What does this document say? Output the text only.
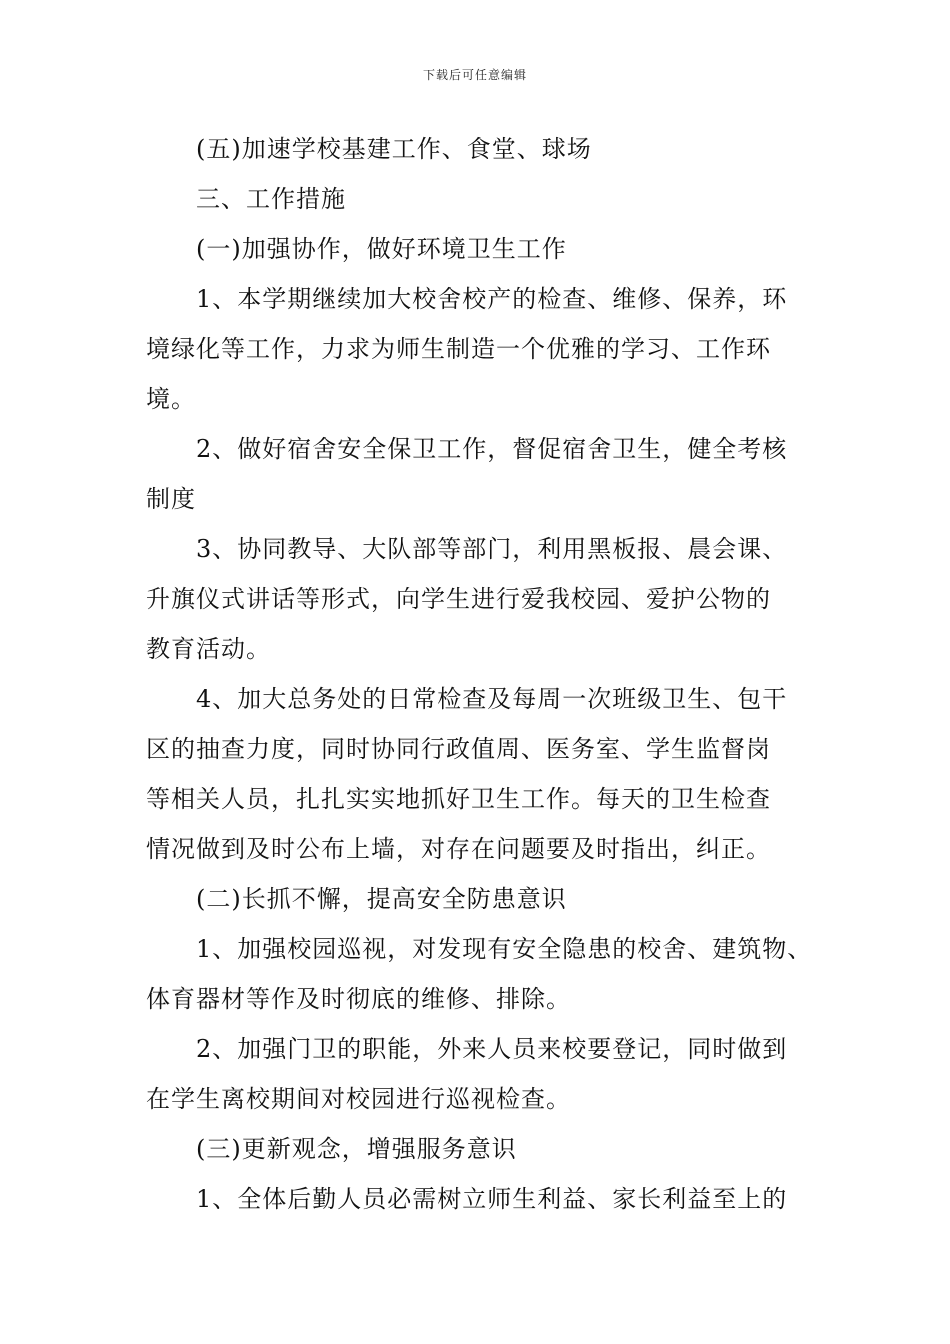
下载后可任意编辑
(五)加速学校基建工作、食堂、球场
三、工作措施
(一)加强协作，做好环境卫生工作
1、本学期继续加大校舍校产的检查、维修、保养，环
境绿化等工作，力求为师生制造一个优雅的学习、工作环
境。
2、做好宿舍安全保卫工作，督促宿舍卫生，健全考核
制度
3、协同教导、大队部等部门，利用黑板报、晨会课、
升旗仪式讲话等形式，向学生进行爱我校园、爱护公物的
教育活动。
4、加大总务处的日常检查及每周一次班级卫生、包干
区的抽查力度，同时协同行政值周、医务室、学生监督岗
等相关人员，扎扎实实地抓好卫生工作。每天的卫生检查
情况做到及时公布上墙，对存在问题要及时指出，纠正。
(二)长抓不懈，提高安全防患意识
1、加强校园巡视，对发现有安全隐患的校舍、建筑物、
体育器材等作及时彻底的维修、排除。
2、加强门卫的职能，外来人员来校要登记，同时做到
在学生离校期间对校园进行巡视检查。
(三)更新观念，增强服务意识
1、全体后勤人员必需树立师生利益、家长利益至上的
